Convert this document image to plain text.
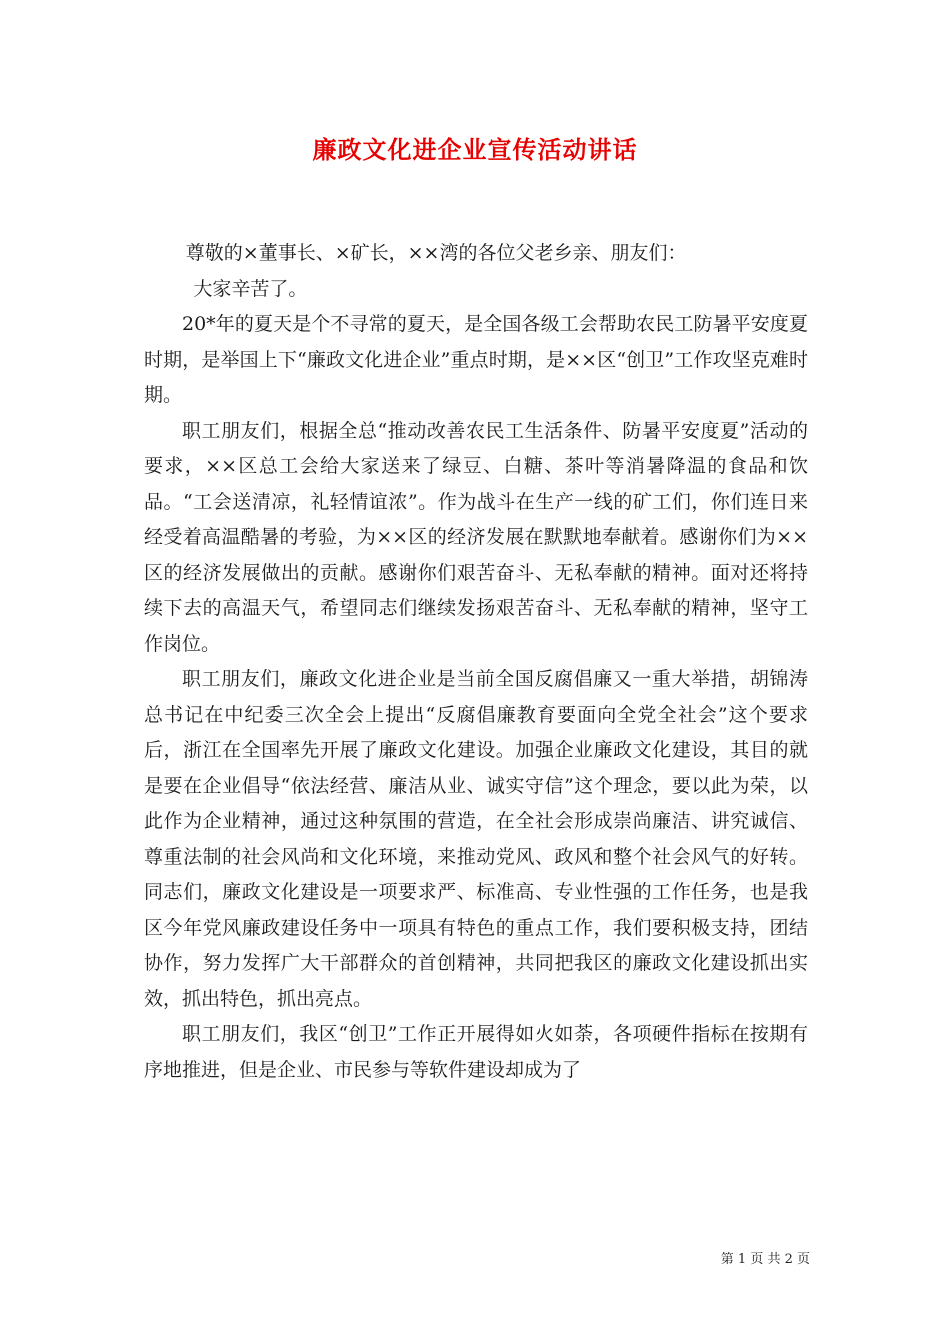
廉政文化进企业宣传活动讲话

尊敬的×董事长、×矿长，××湾的各位父老乡亲、朋友们：

大家辛苦了。

20*年的夏天是个不寻常的夏天，是全国各级工会帮助农民工防暑平安度夏时期，是举国上下“廉政文化进企业”重点时期，是××区“创卫”工作攻坚克难时期。

职工朋友们，根据全总“推动改善农民工生活条件、防暑平安度夏”活动的要求，××区总工会给大家送来了绿豆、白糖、茶叶等消暑降温的食品和饮品。“工会送清凉，礼轻情谊浓”。作为战斗在生产一线的矿工们，你们连日来经受着高温酷暑的考验，为××区的经济发展在默默地奉献着。感谢你们为××区的经济发展做出的贡献。感谢你们艰苦奋斗、无私奉献的精神。面对还将持续下去的高温天气，希望同志们继续发扬艰苦奋斗、无私奉献的精神，坚守工作岗位。

职工朋友们，廉政文化进企业是当前全国反腐倡廉又一重大举措，胡锦涛总书记在中纪委三次全会上提出“反腐倡廉教育要面向全党全社会”这个要求后，浙江在全国率先开展了廉政文化建设。加强企业廉政文化建设，其目的就是要在企业倡导“依法经营、廉洁从业、诚实守信”这个理念，要以此为荣，以此作为企业精神，通过这种氛围的营造，在全社会形成崇尚廉洁、讲究诚信、尊重法制的社会风尚和文化环境，来推动党风、政风和整个社会风气的好转。同志们，廉政文化建设是一项要求严、标准高、专业性强的工作任务，也是我区今年党风廉政建设任务中一项具有特色的重点工作，我们要积极支持，团结协作，努力发挥广大干部群众的首创精神，共同把我区的廉政文化建设抓出实效，抓出特色，抓出亮点。

职工朋友们，我区“创卫”工作正开展得如火如荼，各项硬件指标在按期有序地推进，但是企业、市民参与等软件建设却成为了

第 1 页 共 2 页
